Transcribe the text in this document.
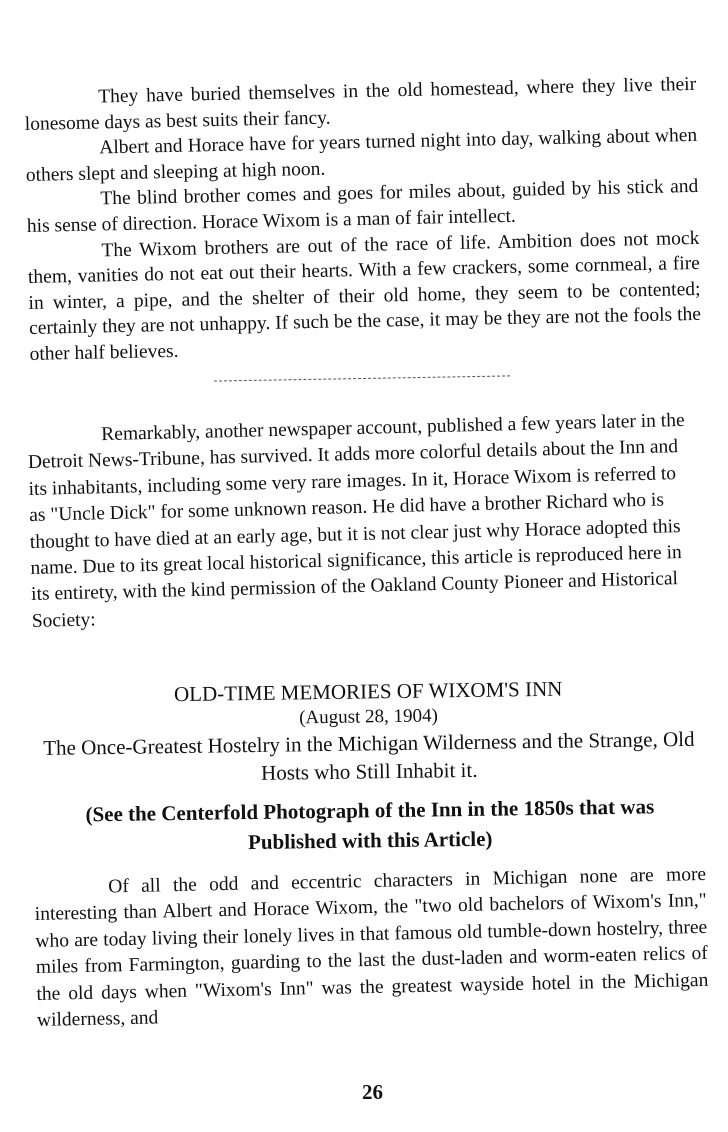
They have buried themselves in the old homestead, where they live their lonesome days as best suits their fancy.

Albert and Horace have for years turned night into day, walking about when others slept and sleeping at high noon.

The blind brother comes and goes for miles about, guided by his stick and his sense of direction. Horace Wixom is a man of fair intellect.

The Wixom brothers are out of the race of life. Ambition does not mock them, vanities do not eat out their hearts. With a few crackers, some cornmeal, a fire in winter, a pipe, and the shelter of their old home, they seem to be contented; certainly they are not unhappy. If such be the case, it may be they are not the fools the other half believes.

Remarkably, another newspaper account, published a few years later in the Detroit News-Tribune, has survived. It adds more colorful details about the Inn and its inhabitants, including some very rare images. In it, Horace Wixom is referred to as "Uncle Dick" for some unknown reason. He did have a brother Richard who is thought to have died at an early age, but it is not clear just why Horace adopted this name. Due to its great local historical significance, this article is reproduced here in its entirety, with the kind permission of the Oakland County Pioneer and Historical Society:

OLD-TIME MEMORIES OF WIXOM'S INN

(August 28, 1904)

The Once-Greatest Hostelry in the Michigan Wilderness and the Strange, Old Hosts who Still Inhabit it.

(See the Centerfold Photograph of the Inn in the 1850s that was Published with this Article)

Of all the odd and eccentric characters in Michigan none are more interesting than Albert and Horace Wixom, the "two old bachelors of Wixom's Inn," who are today living their lonely lives in that famous old tumble-down hostelry, three miles from Farmington, guarding to the last the dust-laden and worm-eaten relics of the old days when "Wixom's Inn" was the greatest wayside hotel in the Michigan wilderness, and

26
